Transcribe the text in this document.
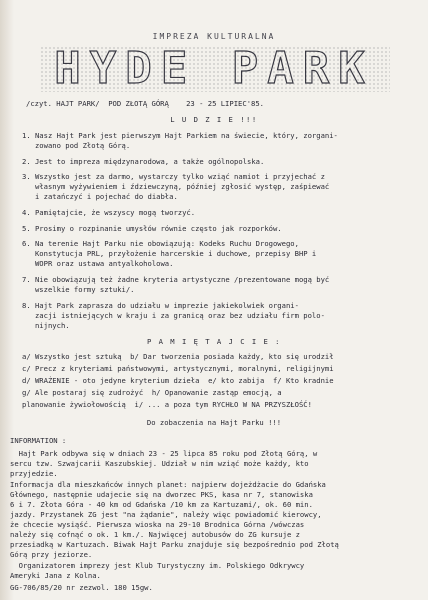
IMPREZA KULTURALNA
HYDE PARK
/czyt. HAJT PARK/  POD ZŁOTĄ GÓRĄ    23 - 25 LIPIEC'85.
L U D Z I E !!!
1. Nasz Hajt Park jest pierwszym Hajt Parkiem na świecie, który, zorgani-
zowano pod Złotą Górą.
2. Jest to impreza międzynarodowa, a także ogólnopolska.
3. Wszystko jest za darmo, wystarczy tylko wziąć namiot i przyjechać z
własnym wyżywieniem i ździewczyną, później zgłosić występ, zaśpiewać
i zatańczyć i pojechać do diabła.
4. Pamiętajcie, że wszyscy mogą tworzyć.
5. Prosimy o rozpinanie umysłów równie często jak rozporków.
6. Na terenie Hajt Parku nie obowiązują: Kodeks Ruchu Drogowego,
Konstytucja PRL, przyłożenie harcerskie i duchowe, przepisy BHP i
WOPR oraz ustawa antyalkoholowa.
7. Nie obowiązują też żadne kryteria artystyczne /prezentowane mogą być
wszelkie formy sztuki/.
8. Hajt Park zaprasza do udziału w imprezie jakiekolwiek organi-
zacji istniejących w kraju i za granicą oraz bez udziału firm polo-
nijnych.
P A M I Ę T A J C I E :
a/ Wszystko jest sztuką  b/ Dar tworzenia posiada każdy, kto się urodził
c/ Precz z kryteriami państwowymi, artystycznymi, moralnymi, religijnymi
d/ WRAŻENIE - oto jedyne kryterium dzieła  e/ kto zabija  f/ Kto kradnie
g/ Ale postaraj się zudrożyć  h/ Opanowanie zastąp emocją, a
planowanie żywiołowością  i/ ... a poza tym RYCHŁO W NA PRZYSZŁOŚĆ!
Do zobaczenia na Hajt Parku !!!
INFORMATION :
Hajt Park odbywa się w dniach 23 - 25 lipca 85 roku pod Złotą Górą, w
sercu tzw. Szwajcarii Kaszubskiej. Udział w nim wziąć może każdy, kto
przyjedzie.
Informacja dla mieszkańców innych planet: najpierw dojeżdżacie do Gdańska
Głównego, następnie udajecie się na dworzec PKS, kasa nr 7, stanowiska
6 i 7. Złota Góra - 40 km od Gdańska /10 km za Kartuzami/, ok. 60 min.
jazdy. Przystanek ZG jest "na żądanie", należy więc powiadomić kierowcy,
że chcecie wysiąść. Pierwsza wioska na 29-10 Brodnica Górna /wówczas
należy się cofnąć o ok. 1 km./. Najwięcej autobusów do ZG kursuje z
przesiadką w Kartuzach. Biwak Hajt Parku znajduje się bezpośrednio pod Złotą
Górą przy jeziorze.
Organizatorem imprezy jest Klub Turystyczny im. Polskiego Odkrywcy
Ameryki Jana z Kolna.
GG-706/85/20 nr zezwol. 180 15gw.
